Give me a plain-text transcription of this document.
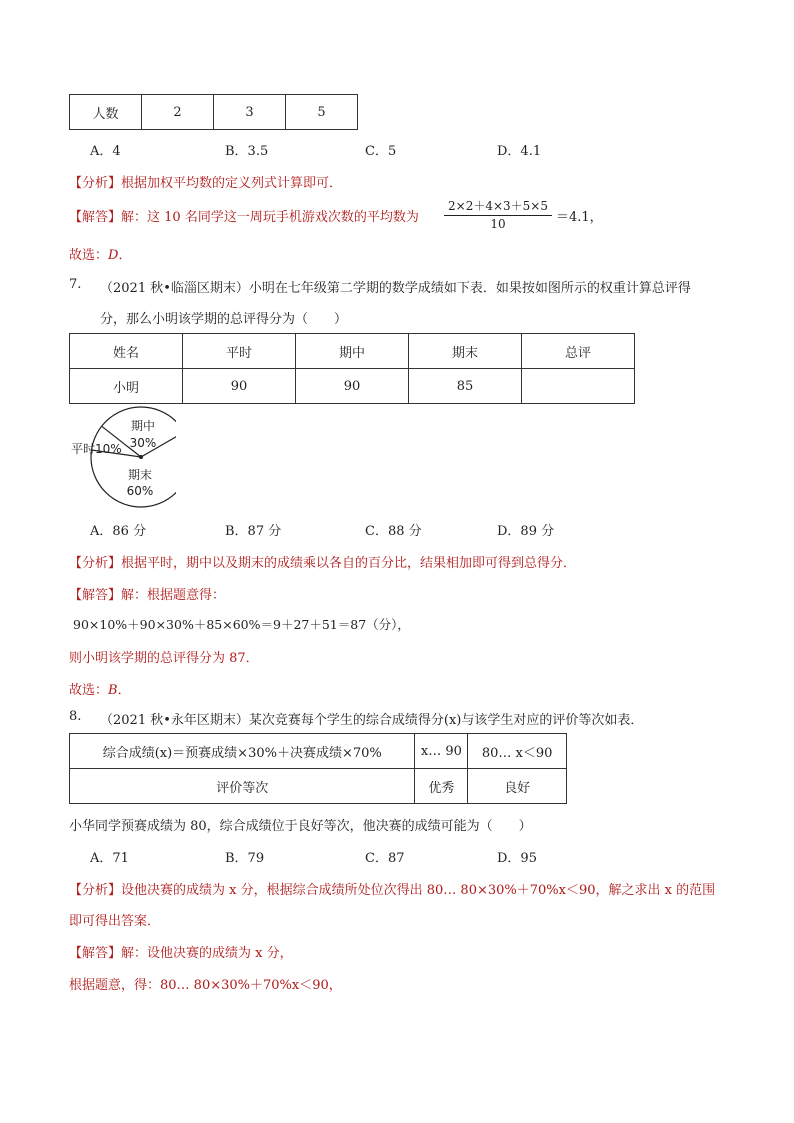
人数	2	3	5
A．4	B．3.5	C．5	D．4.1
【分析】根据加权平均数的定义列式计算即可．
【解答】解：这 10 名同学这一周玩手机游戏次数的平均数为
2×2＋4×3＋5×5
10	＝4.1，
故选：D．
7. （2021 秋•临淄区期末）小明在七年级第二学期的数学成绩如下表．如果按如图所示的权重计算总评得
分，那么小明该学期的总评得分为（　　）
姓名	平时	期中	期末	总评
小明	90	90	85	
期中
30%
平时10%
期末
60%
A．86 分	B．87 分	C．88 分	D．89 分
【分析】根据平时，期中以及期末的成绩乘以各自的百分比，结果相加即可得到总得分．
【解答】解：根据题意得：
90×10%＋90×30%＋85×60%＝9＋27＋51＝87（分），
则小明该学期的总评得分为 87．
故选：B．
8. （2021 秋•永年区期末）某次竞赛每个学生的综合成绩得分(x)与该学生对应的评价等次如表．
综合成绩(x)＝预赛成绩×30%＋决赛成绩×70%	x… 90	80… x＜90
评价等次	优秀	良好
小华同学预赛成绩为 80，综合成绩位于良好等次，他决赛的成绩可能为（　　）
A．71	B．79	C．87	D．95
【分析】设他决赛的成绩为 x 分，根据综合成绩所处位次得出 80… 80×30%＋70%x＜90，解之求出 x 的范围
即可得出答案．
【解答】解：设他决赛的成绩为 x 分，
根据题意，得：80… 80×30%＋70%x＜90，
